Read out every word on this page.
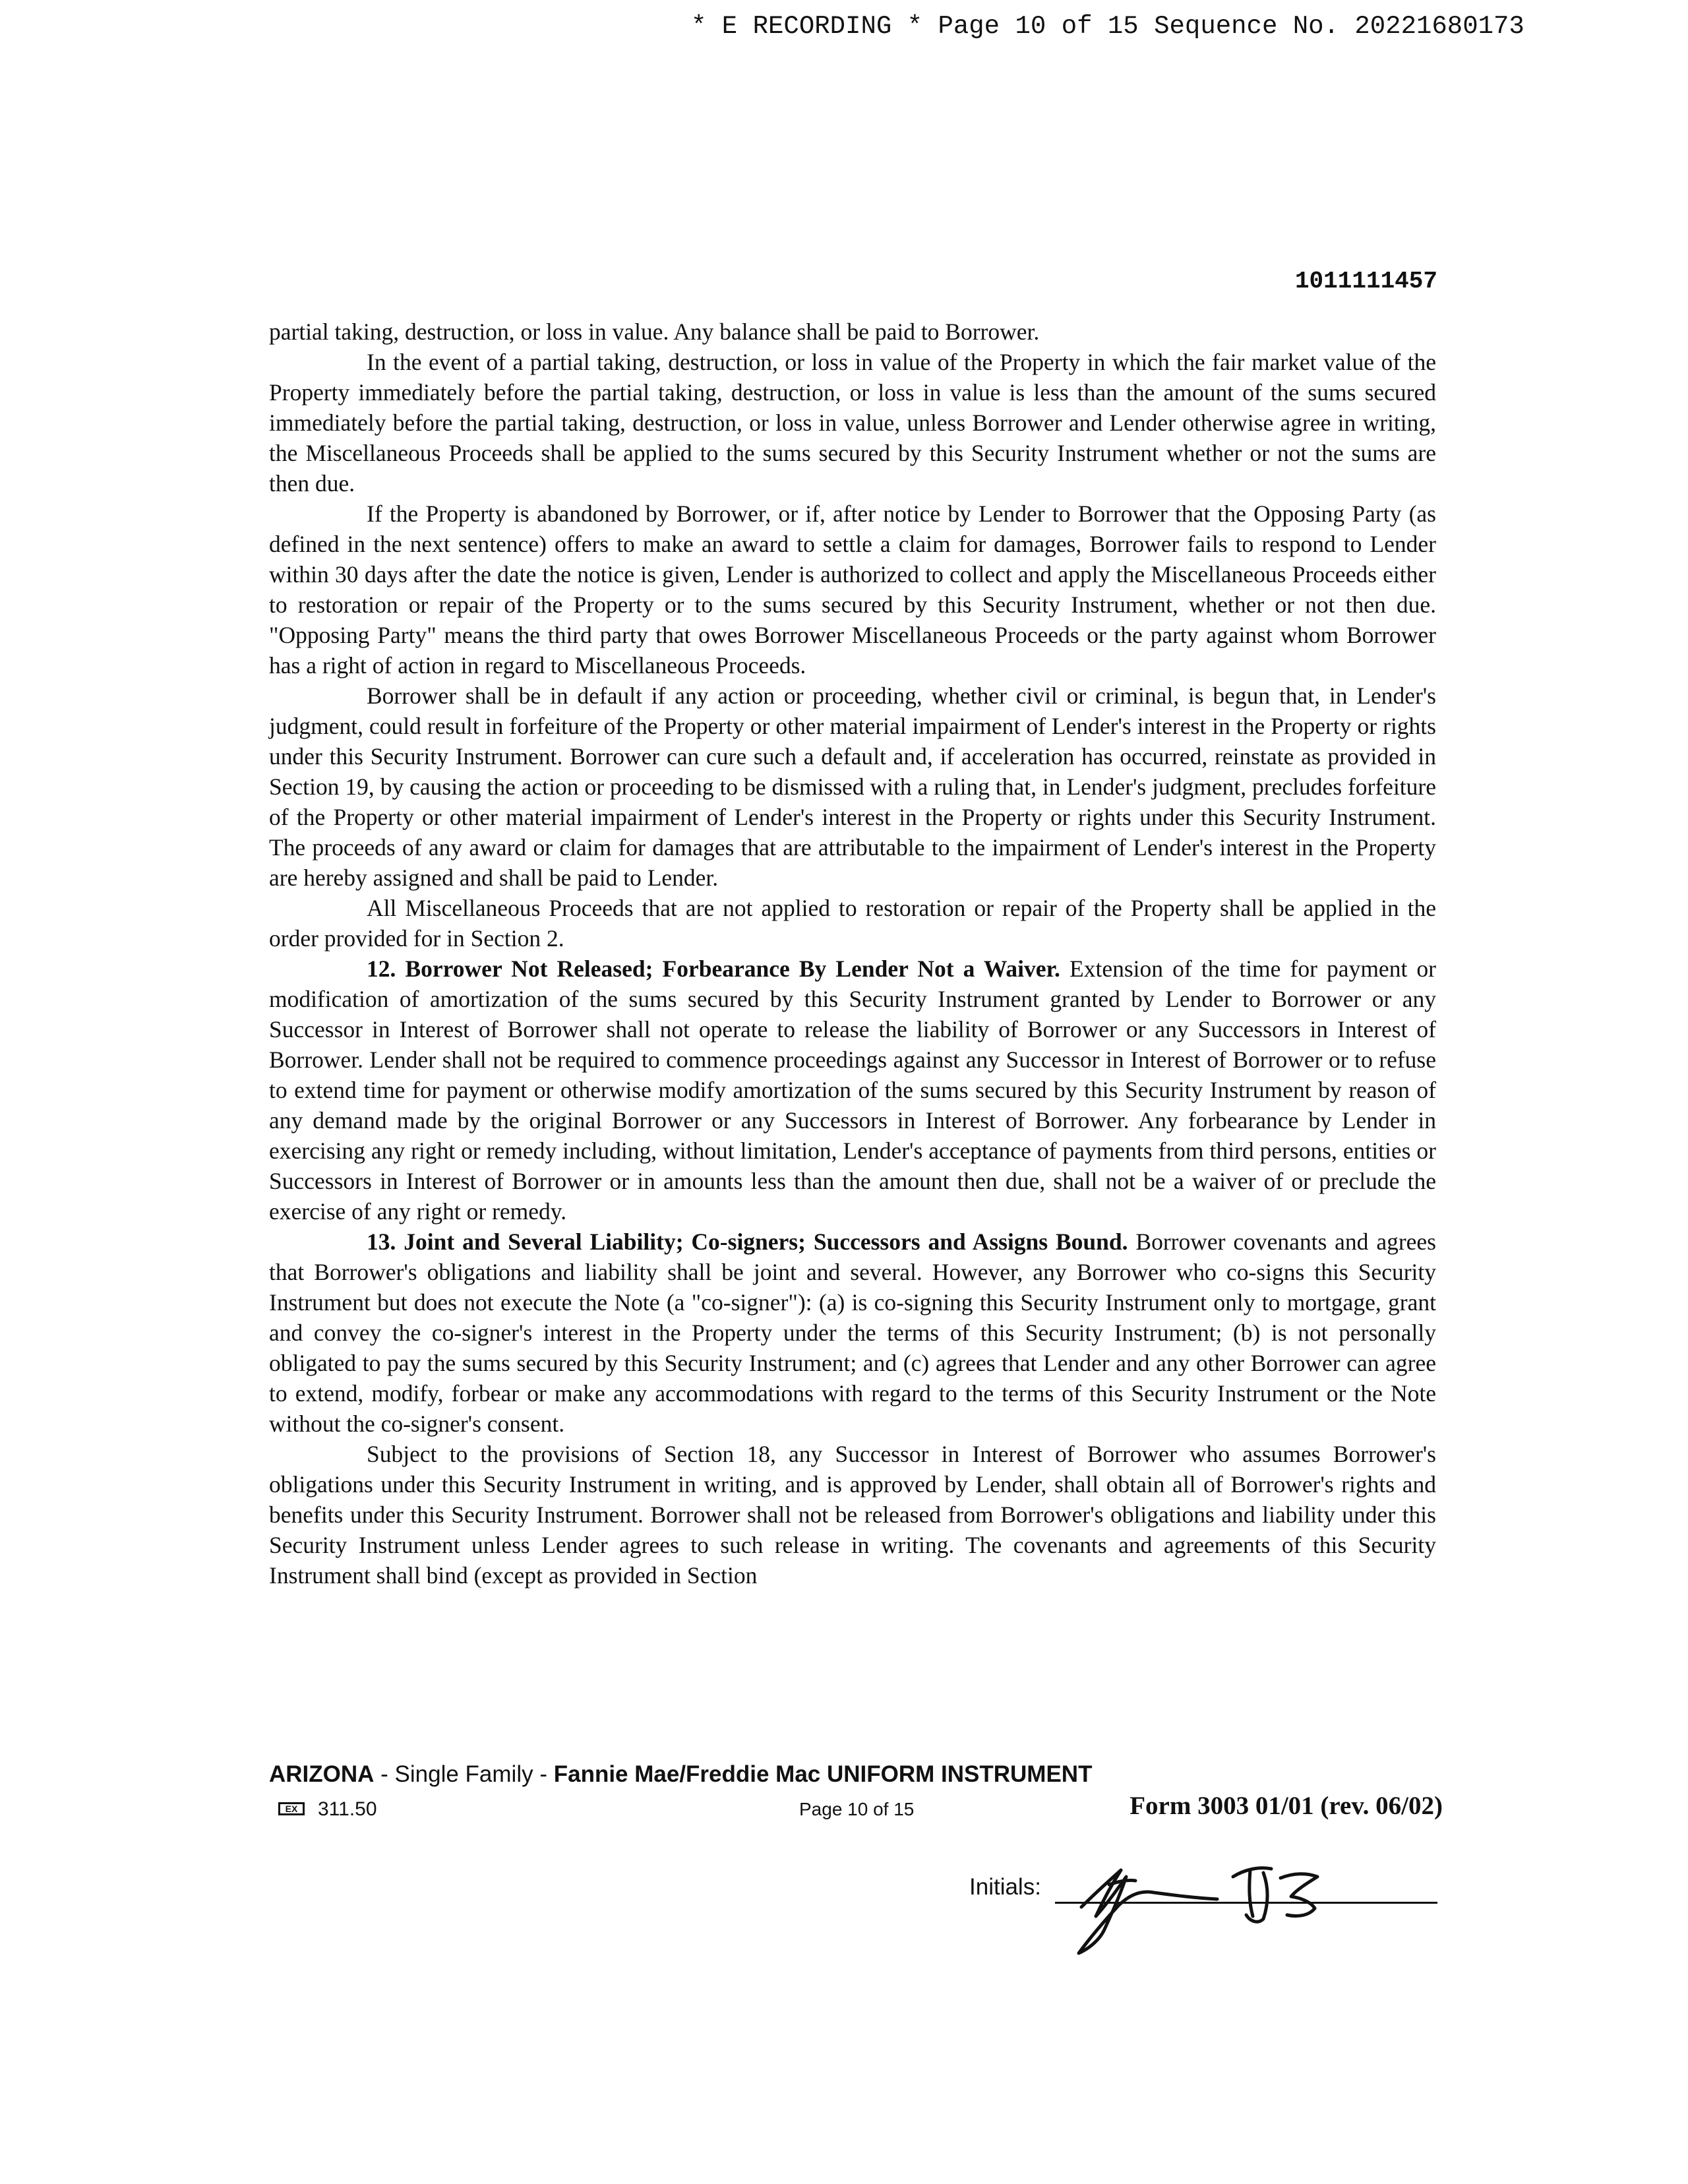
* E RECORDING * Page 10 of 15 Sequence No. 20221680173
1011111457

partial taking, destruction, or loss in value. Any balance shall be paid to Borrower.

In the event of a partial taking, destruction, or loss in value of the Property in which the fair market value of the Property immediately before the partial taking, destruction, or loss in value is less than the amount of the sums secured immediately before the partial taking, destruction, or loss in value, unless Borrower and Lender otherwise agree in writing, the Miscellaneous Proceeds shall be applied to the sums secured by this Security Instrument whether or not the sums are then due.

If the Property is abandoned by Borrower, or if, after notice by Lender to Borrower that the Opposing Party (as defined in the next sentence) offers to make an award to settle a claim for damages, Borrower fails to respond to Lender within 30 days after the date the notice is given, Lender is authorized to collect and apply the Miscellaneous Proceeds either to restoration or repair of the Property or to the sums secured by this Security Instrument, whether or not then due. "Opposing Party" means the third party that owes Borrower Miscellaneous Proceeds or the party against whom Borrower has a right of action in regard to Miscellaneous Proceeds.

Borrower shall be in default if any action or proceeding, whether civil or criminal, is begun that, in Lender's judgment, could result in forfeiture of the Property or other material impairment of Lender's interest in the Property or rights under this Security Instrument. Borrower can cure such a default and, if acceleration has occurred, reinstate as provided in Section 19, by causing the action or proceeding to be dismissed with a ruling that, in Lender's judgment, precludes forfeiture of the Property or other material impairment of Lender's interest in the Property or rights under this Security Instrument. The proceeds of any award or claim for damages that are attributable to the impairment of Lender's interest in the Property are hereby assigned and shall be paid to Lender.

All Miscellaneous Proceeds that are not applied to restoration or repair of the Property shall be applied in the order provided for in Section 2.

12. Borrower Not Released; Forbearance By Lender Not a Waiver. Extension of the time for payment or modification of amortization of the sums secured by this Security Instrument granted by Lender to Borrower or any Successor in Interest of Borrower shall not operate to release the liability of Borrower or any Successors in Interest of Borrower. Lender shall not be required to commence proceedings against any Successor in Interest of Borrower or to refuse to extend time for payment or otherwise modify amortization of the sums secured by this Security Instrument by reason of any demand made by the original Borrower or any Successors in Interest of Borrower. Any forbearance by Lender in exercising any right or remedy including, without limitation, Lender's acceptance of payments from third persons, entities or Successors in Interest of Borrower or in amounts less than the amount then due, shall not be a waiver of or preclude the exercise of any right or remedy.

13. Joint and Several Liability; Co-signers; Successors and Assigns Bound. Borrower covenants and agrees that Borrower's obligations and liability shall be joint and several. However, any Borrower who co-signs this Security Instrument but does not execute the Note (a "co-signer"): (a) is co-signing this Security Instrument only to mortgage, grant and convey the co-signer's interest in the Property under the terms of this Security Instrument; (b) is not personally obligated to pay the sums secured by this Security Instrument; and (c) agrees that Lender and any other Borrower can agree to extend, modify, forbear or make any accommodations with regard to the terms of this Security Instrument or the Note without the co-signer's consent.

Subject to the provisions of Section 18, any Successor in Interest of Borrower who assumes Borrower's obligations under this Security Instrument in writing, and is approved by Lender, shall obtain all of Borrower's rights and benefits under this Security Instrument. Borrower shall not be released from Borrower's obligations and liability under this Security Instrument unless Lender agrees to such release in writing. The covenants and agreements of this Security Instrument shall bind (except as provided in Section

ARIZONA - Single Family - Fannie Mae/Freddie Mac UNIFORM INSTRUMENT
EX	311.50	Page 10 of 15	Form 3003 01/01 (rev. 06/02)
Initials:
